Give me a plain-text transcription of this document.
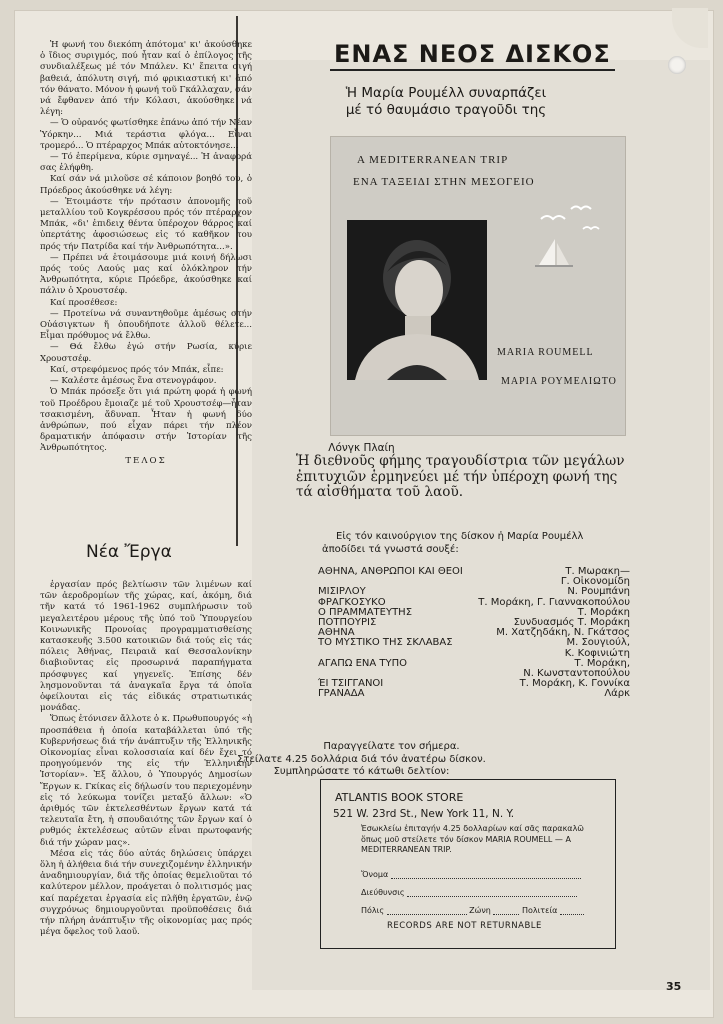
Ἡ φωνή του διεκόπη ἀπότομα' κι' ἀκούσθηκε ὁ ἴδιος συριγμός, πού ἦταν καί ὁ ἐπίλογος τῆς συνδιαλέξεως μέ τόν Μπάλεν. Κι' ἔπειτα σιγή βαθειά, ἀπόλυτη σιγή, πιό φρικιαστική κι' ἀπό τόν θάνατο. Μόνον ἡ φωνή τοῦ Γκάλλαχαν, σάν νά ἔφθανεν ἀπό τήν Κόλασι, ἀκούσθηκε νά λέγη:

— Ὁ οὐρανός φωτίσθηκε ἐπάνω ἀπό τήν Νέαν Ὑόρκην... Μιά τεράστια φλόγα... Εἶναι τρομερό... Ὁ πτέραρχος Μπάκ αὐτοκτόνησε...

— Τό ἐπερίμενα, κύριε σμηναγέ... Ἡ ἀναφορά σας ἐλήφθη.

Καί σάν νά μιλοῦσε σέ κάποιον βοηθό του, ὁ Πρόεδρος ἀκούσθηκε νά λέγη:

— Ἑτοιμάστε τήν πρότασιν ἀπονομῆς τοῦ μεταλλίου τοῦ Κογκρέσσου πρός τόν πτέραρχον Μπάκ, «δι' ἐπιδειχ θέντα ὑπέροχον θάρρος καί ὑπερτάτης ἀφοσιώσεως εἰς τό καθῆκον του πρός τήν Πατρίδα καί τήν Ἀνθρωπότητα...».

— Πρέπει νά ἑτοιμάσουμε μιά κοινή δήλωσι πρός τούς Λαούς μας καί ὁλόκληρον τήν Ἀνθρωπότητα, κύριε Πρόεδρε, ἀκούσθηκε καί πάλιν ὁ Χρουστσέφ.

Καί προσέθεσε:

— Προτείνω νά συναντηθοῦμε ἀμέσως στήν Οὐάσιγκτων ἤ ὁπουδήποτε ἀλλοῦ θέλετε... Εἶμαι πρόθυμος νά ἔλθω.

— Θά ἔλθω ἐγώ στήν Ρωσία, κύριε Χρουστσέφ.

Καί, στρεφόμενος πρός τόν Μπάκ, εἶπε:

— Καλέστε ἀμέσως ἕνα στενογράφον.

Ὁ Μπάκ πρόσεξε ὅτι γιά πρώτη φορά ἡ φωνή τοῦ Προέδρου ἔμοιαζε μέ τοῦ Χρουστσέφ—ἦταν τσακισμένη, ἄδυναπ. Ἦταν ἡ φωνή δύο ἀνθρώπων, πού εἶχαν πάρει τήν πλέον δραματικήν ἀπόφασιν στήν Ἱστορίαν τῆς Ἀνθρωπότητος.

ΤΕΛΟΣ
Νέα Ἔργα

ἐργασίαν πρός βελτίωσιν τῶν λιμένων καί τῶν ἀεροδρομίων τῆς χώρας, καί, ἀκόμη, διά τῆν κατά τό 1961-1962 συμπλήρωσιν τοῦ μεγαλειτέρου μέρους τῆς ὑπό τοῦ Ὑπουργείου Κοινωνικῆς Προνοίας προγραμματισθείσης κατασκευῆς 3.500 κατοικιῶν διά τούς εἰς τάς πόλεις Ἀθήνας, Πειραιᾶ καί Θεσσαλονίκην διαβιοῦντας εἰς προσωρινά παραπήγματα πρόσφυγες καί γηγενεῖς. Ἐπίσης δέν λησμονοῦνται τά ἀναγκαῖα ἔργα τά ὁποῖα ὀφείλουται εἰς τάς εἰδικάς στρατιωτικάς μονάδας.

Ὅπως ἐτόνισεν ἄλλοτε ὁ κ. Πρωθυπουργός «ἡ προσπάθεια ἡ ὁποία καταβάλλεται ὑπό τῆς Κυβερνήσεως διά τήν ἀνάπτυξιν τῆς Ἑλληνικῆς Οἰκονομίας εἶναι κολοσσιαία καί δέν ἔχει τό προηγούμενόν της εἰς τήν Ἑλληνικήν Ἱστορίαν». Ἐξ ἄλλου, ὁ Ὑπουργός Δημοσίων Ἔργων κ. Γκίκας εἰς δήλωσίν του περιεχομένην εἰς τό λεύκωμα τονίζει μεταξύ ἄλλων: «Ὁ ἀριθμός τῶν ἐκτελεσθέντων ἔργων κατά τά τελευταῖα ἔτη, ἡ σπουδαιότης τῶν ἔργων καί ὁ ρυθμός ἐκτελέσεως αὐτῶν εἶναι πρωτοφανής διά τήν χώραν μας».

Μέσα εἰς τάς δύο αὐτάς δηλώσεις ὑπάρχει ὅλη ἡ ἀλήθεια διά τήν συνεχιζομένην ἑλληνικήν ἀναδημιουργίαν, διά τῆς ὁποίας θεμελιοῦται τό καλύτερον μέλλον, προάγεται ὁ πολιτισμός μας καί παρέχεται ἐργασία εἰς πλῆθη ἐργατῶν, ἐνῷ συγχρόνως δημιουργοῦνται προϋποθέσεις διά τήν πλήρη ἀνάπτυξιν τῆς οἰκονομίας μας πρός μέγα ὄφελος τοῦ λαοῦ.

ΕΝΑΣ ΝΕΟΣ ΔΙΣΚΟΣ
Ἡ Μαρία Ρουμέλλ συναρπάζει
μέ τό θαυμάσιο τραγοῦδι της
A MEDITERRANEAN TRIP
ΕΝΑ ΤΑΞΕΙΔΙ ΣΤΗΝ ΜΕΣΟΓΕΙΟ
MARIA ROUMELL
ΜΑΡΙΑ ΡΟΥΜΕΛΙΩΤΟ
Λόνγκ Πλαίη
Ἡ διεθνοῦς φήμης τραγουδίστρια τῶν μεγάλων ἐπιτυχιῶν ἑρμηνεύει μέ τήν ὑπέροχη φωνή της τά αἰσθήματα τοῦ λαοῦ.
Εἰς τόν καινούργιον της δίσκον ἡ Μαρία Ρουμέλλ ἀποδίδει τά γνωστά σουξέ:
ΑΘΗΝΑ, ΑΝΘΡΩΠΟΙ ΚΑΙ ΘΕΟΙ	Τ. Μωρακη—
Γ. Οἰκονομίδη
ΜΙΣΙΡΛΟΥ	Ν. Ρουμπάνη
ΦΡΑΓΚΟΣΥΚΟ	Τ. Μοράκη, Γ. Γιαννακοπούλου
Ο ΠΡΑΜΜΑΤΕΥΤΗΣ	Τ. Μοράκη
ΠΟΤΠΟΥΡΙΣ	Συνδυασμός Τ. Μοράκη
ΑΘΗΝΑ	Μ. Χατζηδάκη, Ν. Γκάτσος
ΤΟ ΜΥΣΤΙΚΟ ΤΗΣ ΣΚΛΑΒΑΣ	Μ. Σουγιούλ,
Κ. Κοφινιώτη
ΑΓΑΠΩ ΕΝΑ ΤΥΠΟ	Τ. Μοράκη,
Ν. Κωνσταντοπούλου
ΈΙ ΤΣΙΓΓΑΝΟΙ	Τ. Μοράκη, Κ. Γοννίκα
ΓΡΑΝΑΔΑ	Λάρκ
Παραγγείλατε τον σήμερα.
Στείλατε 4.25 δολλάρια διά τόν ἀνατέρω δίσκον.
Συμπληρώσατε τό κάτωθι δελτίον:
ATLANTIS BOOK STORE
521 W. 23rd St., New York 11, N. Y.
Ἐσωκλείω ἐπιταγήν 4.25 δολλαρίων καί σᾶς παρακαλῶ ὅπως μοῦ στείλετε τόν δίσκον MARIA ROUMELL — A MEDITERRANEAN TRIP.
Ὄνομα
Διεύθυνσις
Πόλις	Ζώνη	Πολιτεία
RECORDS ARE NOT RETURNABLE
35
